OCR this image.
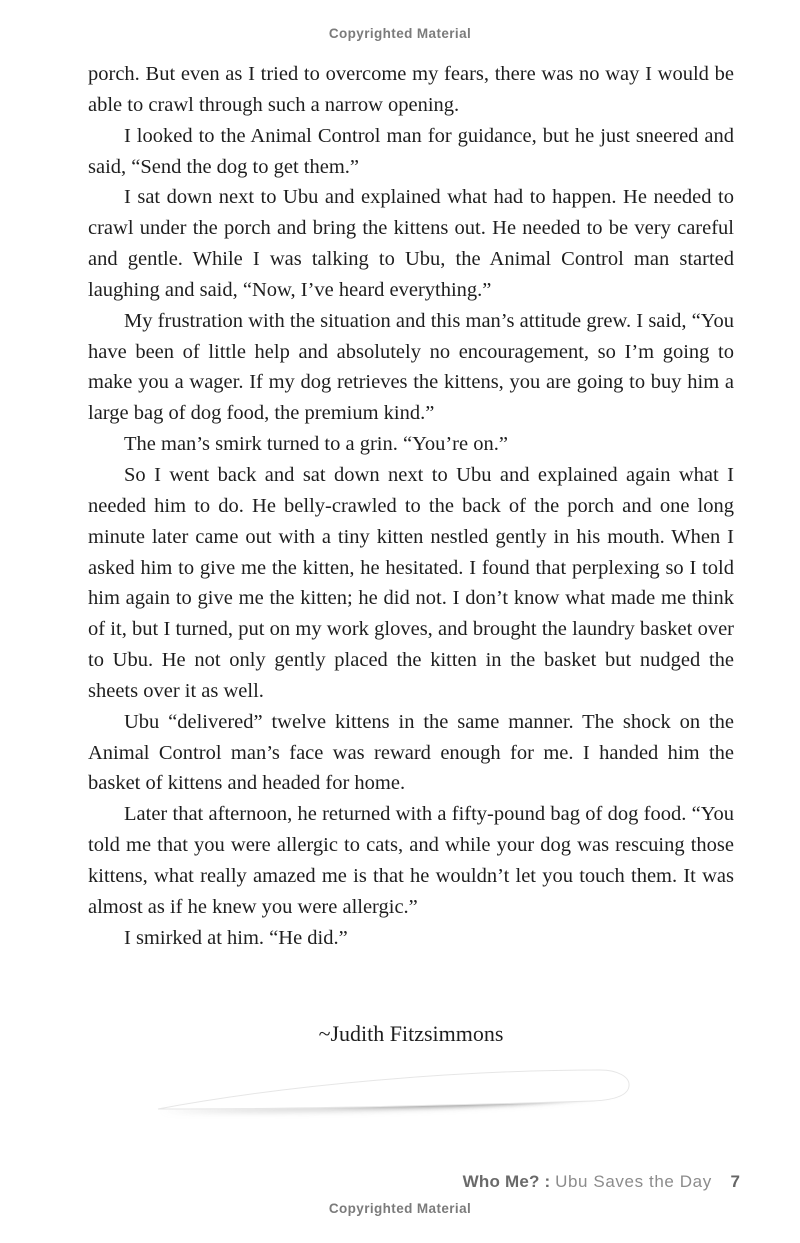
Copyrighted Material

porch. But even as I tried to overcome my fears, there was no way I would be able to crawl through such a narrow opening.

I looked to the Animal Control man for guidance, but he just sneered and said, “Send the dog to get them.”

I sat down next to Ubu and explained what had to happen. He needed to crawl under the porch and bring the kittens out. He needed to be very careful and gentle. While I was talking to Ubu, the Animal Control man started laughing and said, “Now, I’ve heard everything.”

My frustration with the situation and this man’s attitude grew. I said, “You have been of little help and absolutely no encouragement, so I’m going to make you a wager. If my dog retrieves the kittens, you are going to buy him a large bag of dog food, the premium kind.”

The man’s smirk turned to a grin. “You’re on.”

So I went back and sat down next to Ubu and explained again what I needed him to do. He belly-crawled to the back of the porch and one long minute later came out with a tiny kitten nestled gently in his mouth. When I asked him to give me the kitten, he hesitated. I found that perplexing so I told him again to give me the kitten; he did not. I don’t know what made me think of it, but I turned, put on my work gloves, and brought the laundry basket over to Ubu. He not only gently placed the kitten in the basket but nudged the sheets over it as well.

Ubu “delivered” twelve kittens in the same manner. The shock on the Animal Control man’s face was reward enough for me. I handed him the basket of kittens and headed for home.

Later that afternoon, he returned with a fifty-pound bag of dog food. “You told me that you were allergic to cats, and while your dog was rescuing those kittens, what really amazed me is that he wouldn’t let you touch them. It was almost as if he knew you were allergic.”

I smirked at him. “He did.”

~Judith Fitzsimmons
Who Me? : Ubu Saves the Day 7
Copyrighted Material
